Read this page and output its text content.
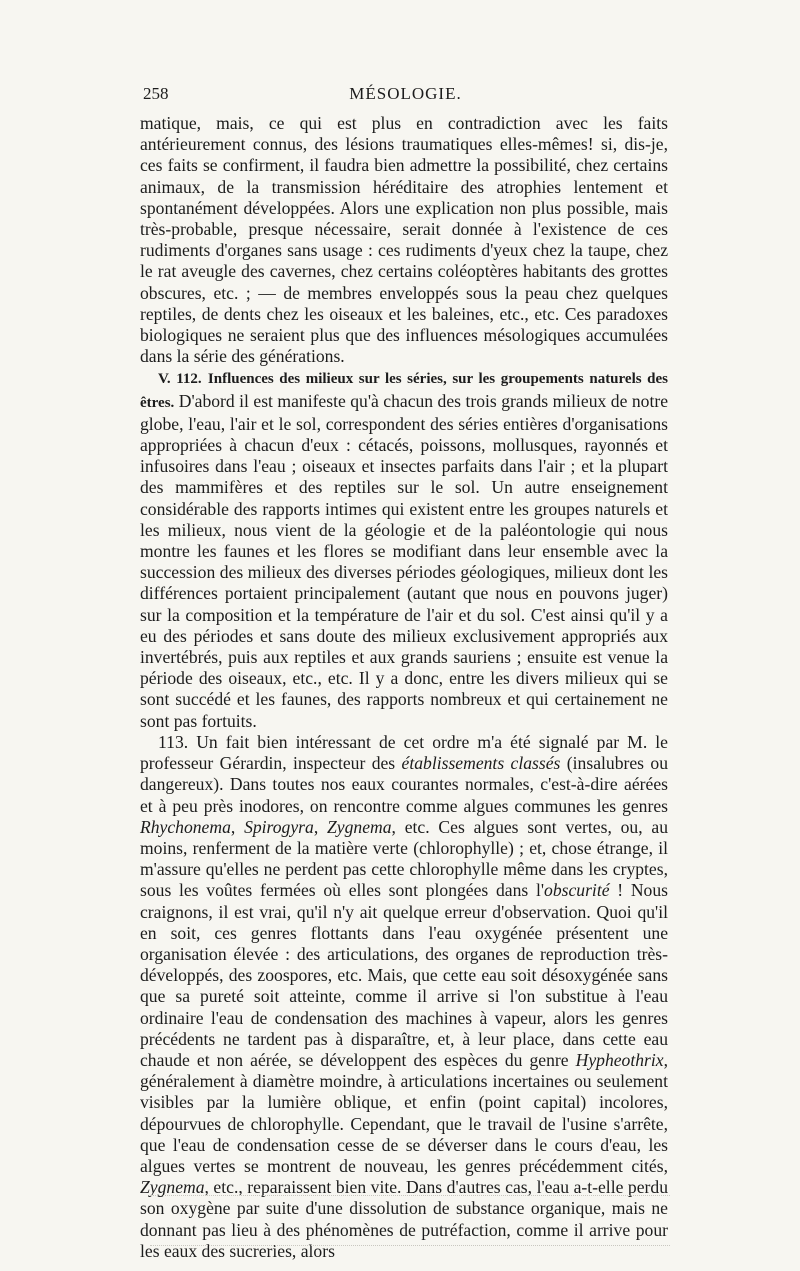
258	MÉSOLOGIE.

matique, mais, ce qui est plus en contradiction avec les faits antérieurement connus, des lésions traumatiques elles-mêmes! si, dis-je, ces faits se confirment, il faudra bien admettre la possibilité, chez certains animaux, de la transmission héréditaire des atrophies lentement et spontanément développées. Alors une explication non plus possible, mais très-probable, presque nécessaire, serait donnée à l'existence de ces rudiments d'organes sans usage : ces rudiments d'yeux chez la taupe, chez le rat aveugle des cavernes, chez certains coléoptères habitants des grottes obscures, etc. ; — de membres enveloppés sous la peau chez quelques reptiles, de dents chez les oiseaux et les baleines, etc., etc. Ces paradoxes biologiques ne seraient plus que des influences mésologiques accumulées dans la série des générations.

V. 112. Influences des milieux sur les séries, sur les groupements naturels des êtres. D'abord il est manifeste qu'à chacun des trois grands milieux de notre globe, l'eau, l'air et le sol, correspondent des séries entières d'organisations appropriées à chacun d'eux : cétacés, poissons, mollusques, rayonnés et infusoires dans l'eau ; oiseaux et insectes parfaits dans l'air ; et la plupart des mammifères et des reptiles sur le sol. Un autre enseignement considérable des rapports intimes qui existent entre les groupes naturels et les milieux, nous vient de la géologie et de la paléontologie qui nous montre les faunes et les flores se modifiant dans leur ensemble avec la succession des milieux des diverses périodes géologiques, milieux dont les différences portaient principalement (autant que nous en pouvons juger) sur la composition et la température de l'air et du sol. C'est ainsi qu'il y a eu des périodes et sans doute des milieux exclusivement appropriés aux invertébrés, puis aux reptiles et aux grands sauriens ; ensuite est venue la période des oiseaux, etc., etc. Il y a donc, entre les divers milieux qui se sont succédé et les faunes, des rapports nombreux et qui certainement ne sont pas fortuits.

113. Un fait bien intéressant de cet ordre m'a été signalé par M. le professeur Gérardin, inspecteur des établissements classés (insalubres ou dangereux). Dans toutes nos eaux courantes normales, c'est-à-dire aérées et à peu près inodores, on rencontre comme algues communes les genres Rhychonema, Spirogyra, Zygnema, etc. Ces algues sont vertes, ou, au moins, renferment de la matière verte (chlorophylle) ; et, chose étrange, il m'assure qu'elles ne perdent pas cette chlorophylle même dans les cryptes, sous les voûtes fermées où elles sont plongées dans l'obscurité ! Nous craignons, il est vrai, qu'il n'y ait quelque erreur d'observation. Quoi qu'il en soit, ces genres flottants dans l'eau oxygénée présentent une organisation élevée : des articulations, des organes de reproduction très-développés, des zoospores, etc. Mais, que cette eau soit désoxygénée sans que sa pureté soit atteinte, comme il arrive si l'on substitue à l'eau ordinaire l'eau de condensation des machines à vapeur, alors les genres précédents ne tardent pas à disparaître, et, à leur place, dans cette eau chaude et non aérée, se développent des espèces du genre Hypheothrix, généralement à diamètre moindre, à articulations incertaines ou seulement visibles par la lumière oblique, et enfin (point capital) incolores, dépourvues de chlorophylle. Cependant, que le travail de l'usine s'arrête, que l'eau de condensation cesse de se déverser dans le cours d'eau, les algues vertes se montrent de nouveau, les genres précédemment cités, Zygnema, etc., reparaissent bien vite. Dans d'autres cas, l'eau a-t-elle perdu son oxygène par suite d'une dissolution de substance organique, mais ne donnant pas lieu à des phénomènes de putréfaction, comme il arrive pour les eaux des sucreries, alors
